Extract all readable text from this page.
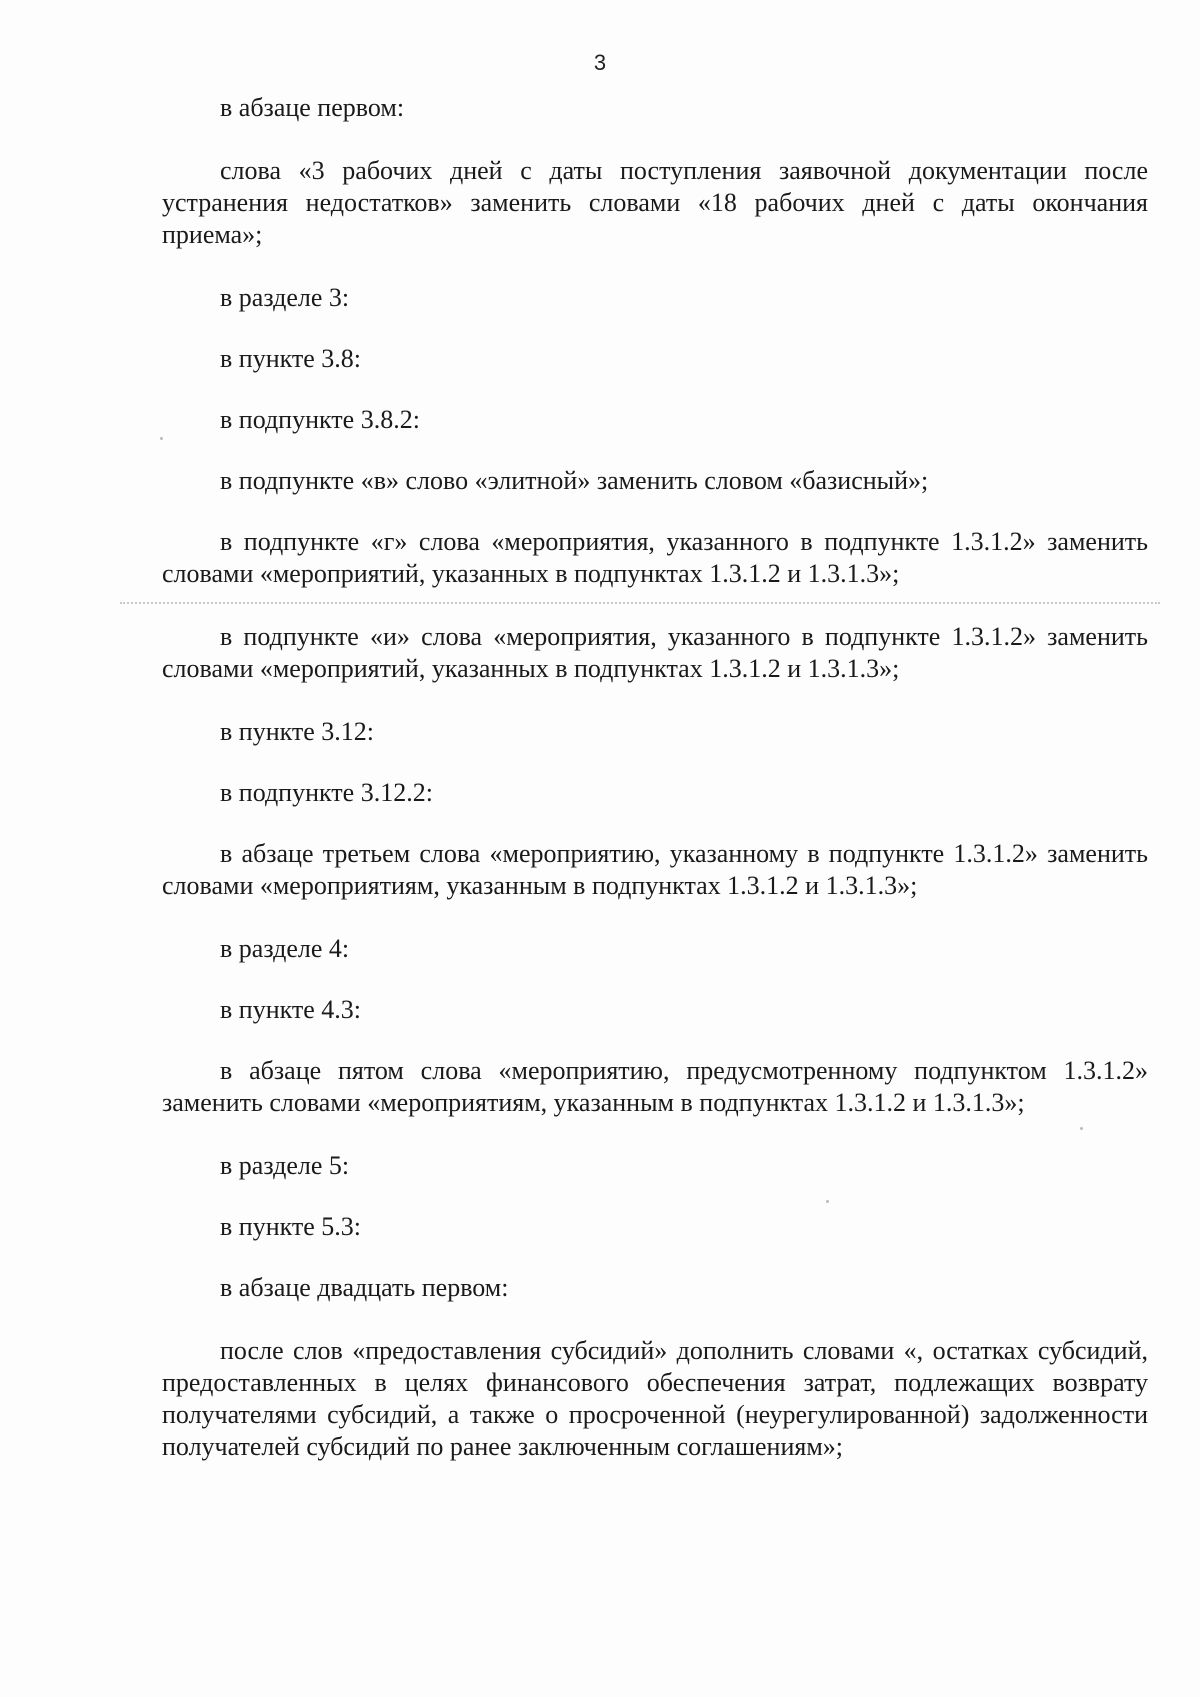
3

в абзаце первом:

слова «3 рабочих дней с даты поступления заявочной документации после устранения недостатков» заменить словами «18 рабочих дней с даты окончания приема»;

в разделе 3:

в пункте 3.8:

в подпункте 3.8.2:

в подпункте «в» слово «элитной» заменить словом «базисный»;

в подпункте «г» слова «мероприятия, указанного в подпункте 1.3.1.2» заменить словами «мероприятий, указанных в подпунктах 1.3.1.2 и 1.3.1.3»;

в подпункте «и» слова «мероприятия, указанного в подпункте 1.3.1.2» заменить словами «мероприятий, указанных в подпунктах 1.3.1.2 и 1.3.1.3»;

в пункте 3.12:

в подпункте 3.12.2:

в абзаце третьем слова «мероприятию, указанному в подпункте 1.3.1.2» заменить словами «мероприятиям, указанным в подпунктах 1.3.1.2 и 1.3.1.3»;

в разделе 4:

в пункте 4.3:

в абзаце пятом слова «мероприятию, предусмотренному подпунктом 1.3.1.2» заменить словами «мероприятиям, указанным в подпунктах 1.3.1.2 и 1.3.1.3»;

в разделе 5:

в пункте 5.3:

в абзаце двадцать первом:

после слов «предоставления субсидий» дополнить словами «, остатках субсидий, предоставленных в целях финансового обеспечения затрат, подлежащих возврату получателями субсидий, а также о просроченной (неурегулированной) задолженности получателей субсидий по ранее заключенным соглашениям»;
